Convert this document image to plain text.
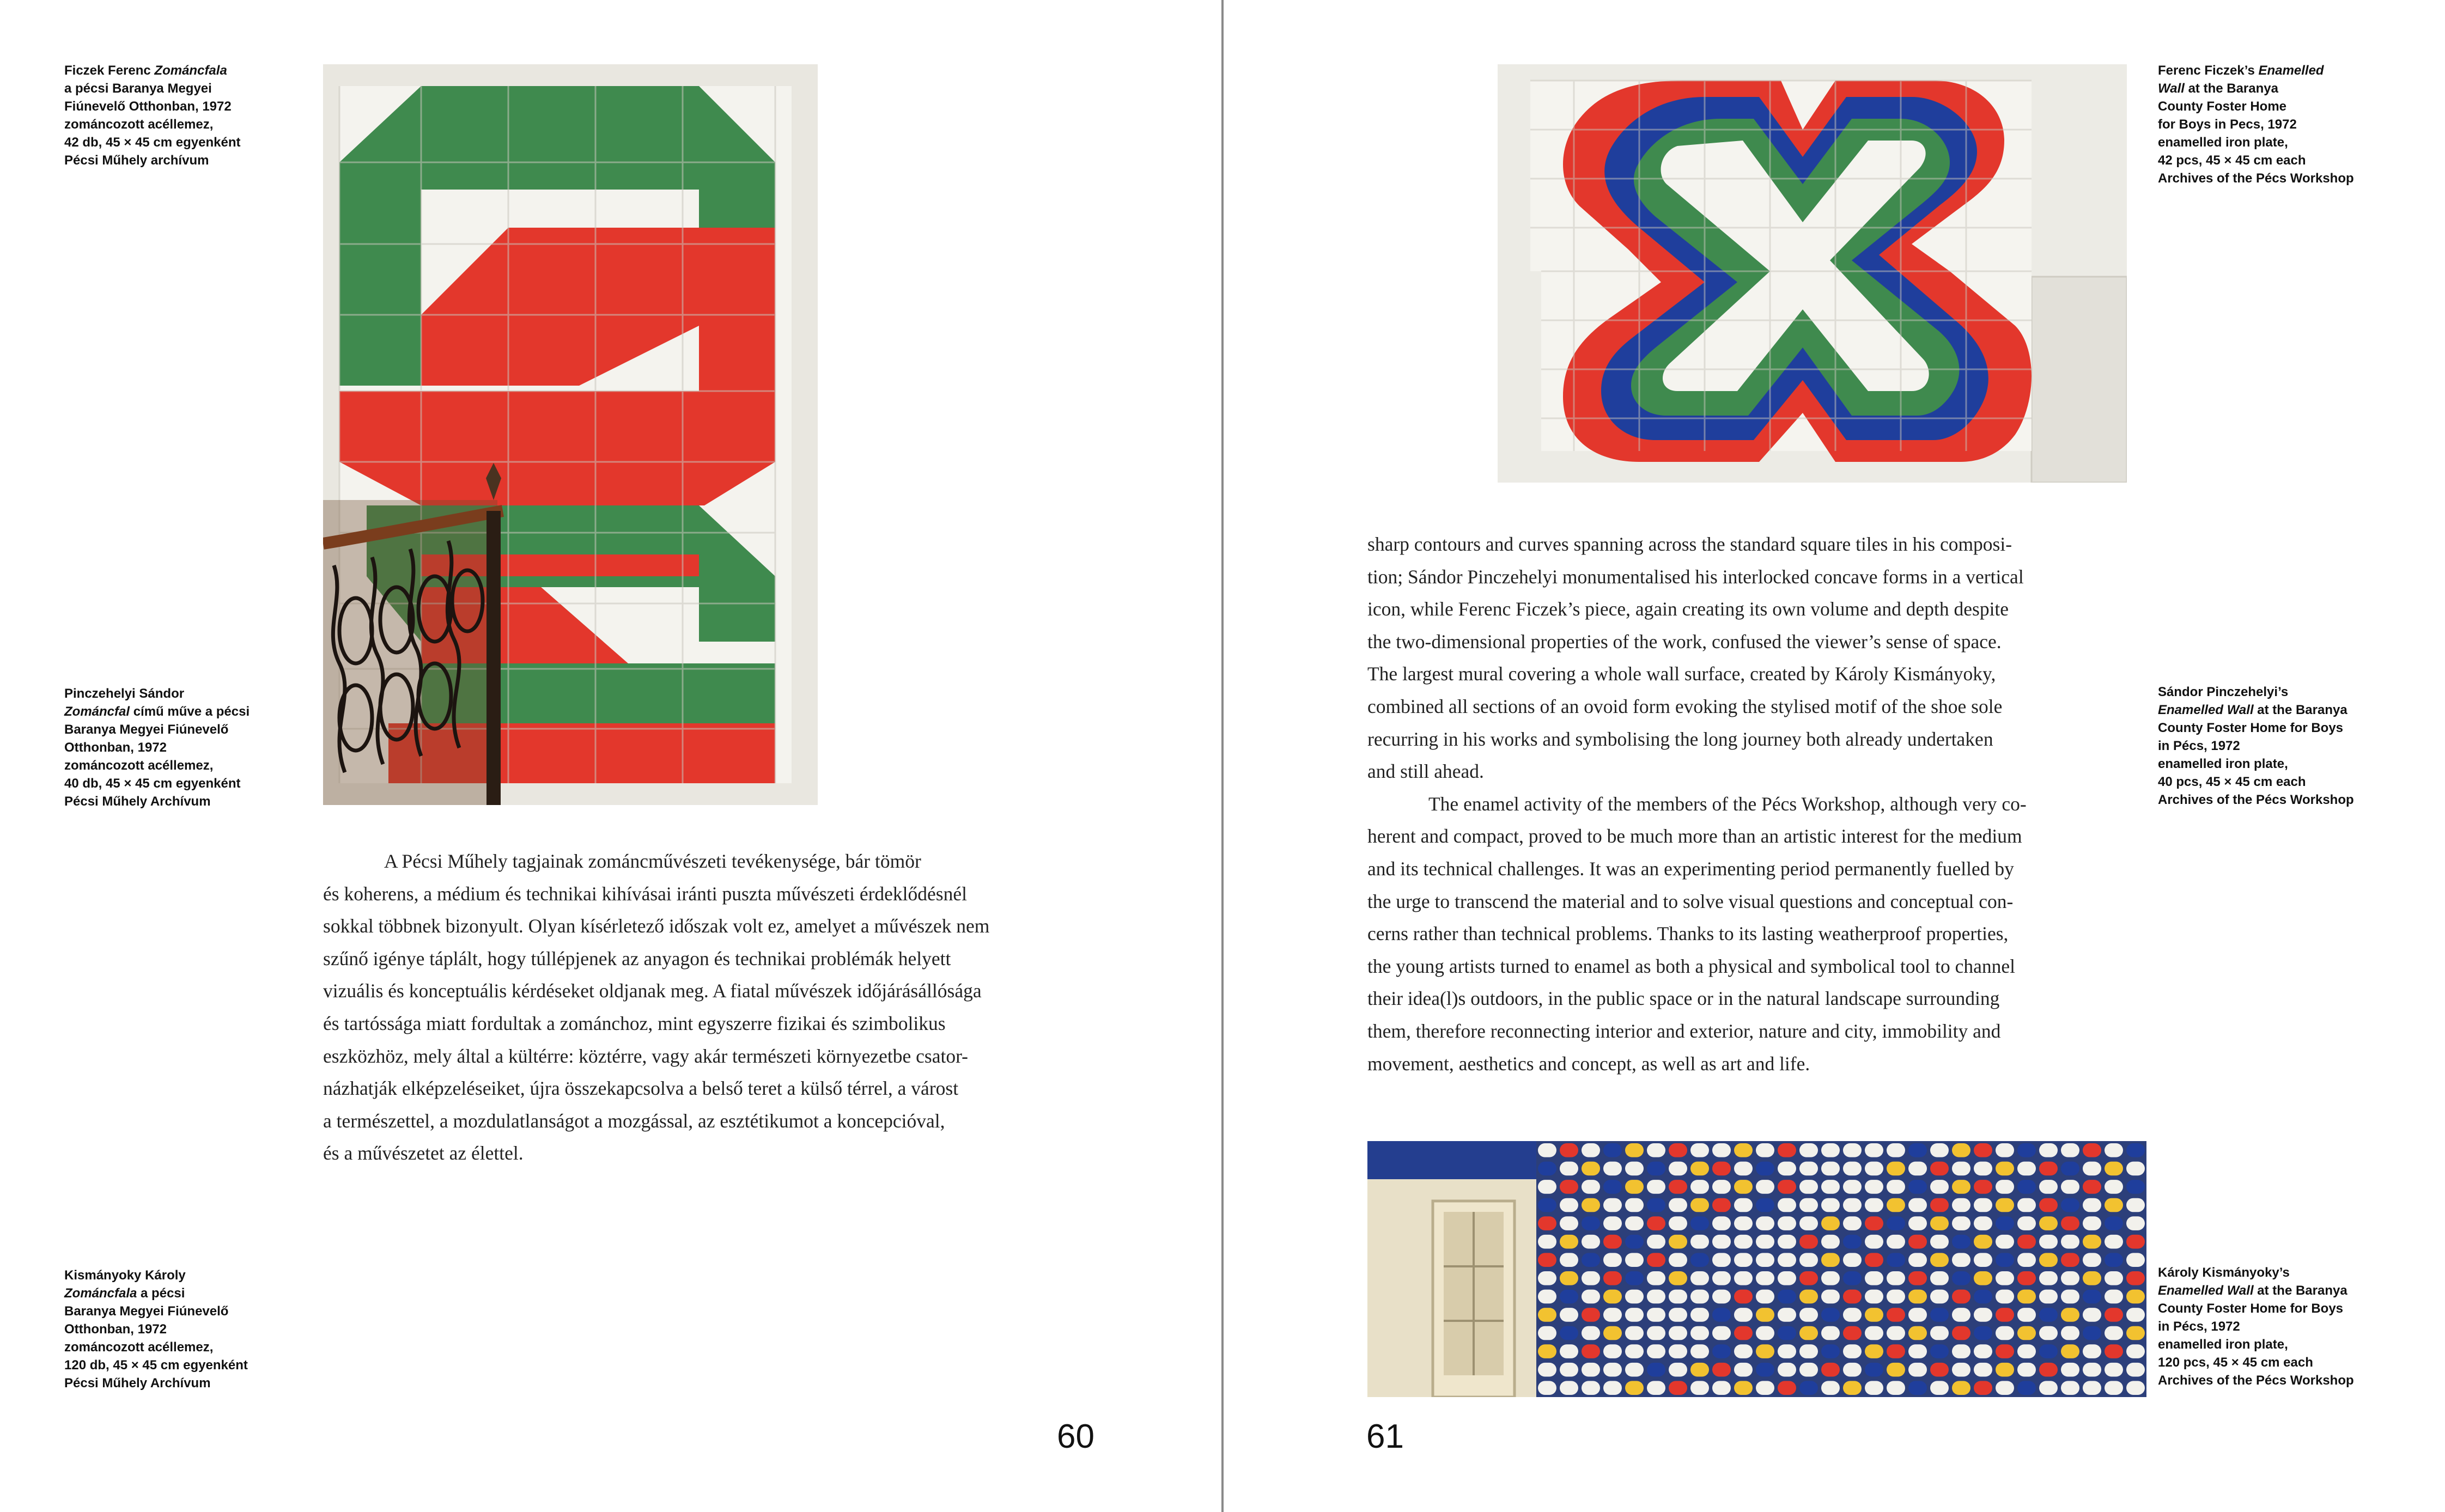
Ficzek Ferenc Zománcfala
a pécsi Baranya Megyei
Fiúnevelő Otthonban, 1972
zománcozott acéllemez,
42 db, 45 × 45 cm egyenként
Pécsi Műhely archívum
Pinczehelyi Sándor
Zománcfal című műve a pécsi
Baranya Megyei Fiúnevelő
Otthonban, 1972
zománcozott acéllemez,
40 db, 45 × 45 cm egyenként
Pécsi Műhely Archívum
Kismányoky Károly
Zománcfala a pécsi
Baranya Megyei Fiúnevelő
Otthonban, 1972
zománcozott acéllemez,
120 db, 45 × 45 cm egyenként
Pécsi Műhely Archívum
A Pécsi Műhely tagjainak zománcművészeti tevékenysége, bár tömör
és koherens, a médium és technikai kihívásai iránti puszta művészeti érdeklődésnél
sokkal többnek bizonyult. Olyan kísérletező időszak volt ez, amelyet a művészek nem
szűnő igénye táplált, hogy túllépjenek az anyagon és technikai problémák helyett
vizuális és konceptuális kérdéseket oldjanak meg. A fiatal művészek időjárásállósága
és tartóssága miatt fordultak a zománchoz, mint egyszerre fizikai és szimbolikus
eszközhöz, mely által a kültérre: köztérre, vagy akár természeti környezetbe csator-
názhatják elképzeléseiket, újra összekapcsolva a belső teret a külső térrel, a várost
a természettel, a mozdulatlanságot a mozgással, az esztétikumot a koncepcióval,
és a művészetet az élettel.
60
Ferenc Ficzek’s Enamelled
Wall at the Baranya
County Foster Home
for Boys in Pecs, 1972
enamelled iron plate,
42 pcs, 45 × 45 cm each
Archives of the Pécs Workshop
Sándor Pinczehelyi’s
Enamelled Wall at the Baranya
County Foster Home for Boys
in Pécs, 1972
enamelled iron plate,
40 pcs, 45 × 45 cm each
Archives of the Pécs Workshop
Károly Kismányoky’s
Enamelled Wall at the Baranya
County Foster Home for Boys
in Pécs, 1972
enamelled iron plate,
120 pcs, 45 × 45 cm each
Archives of the Pécs Workshop
sharp contours and curves spanning across the standard square tiles in his composi-
tion; Sándor Pinczehelyi monumentalised his interlocked concave forms in a vertical
icon, while Ferenc Ficzek’s piece, again creating its own volume and depth despite
the two-dimensional properties of the work, confused the viewer’s sense of space.
The largest mural covering a whole wall surface, created by Károly Kismányoky,
combined all sections of an ovoid form evoking the stylised motif of the shoe sole
recurring in his works and symbolising the long journey both already undertaken
and still ahead.
The enamel activity of the members of the Pécs Workshop, although very co-
herent and compact, proved to be much more than an artistic interest for the medium
and its technical challenges. It was an experimenting period permanently fuelled by
the urge to transcend the material and to solve visual questions and conceptual con-
cerns rather than technical problems. Thanks to its lasting weatherproof properties,
the young artists turned to enamel as both a physical and symbolical tool to channel
their idea(l)s outdoors, in the public space or in the natural landscape surrounding
them, therefore reconnecting interior and exterior, nature and city, immobility and
movement, aesthetics and concept, as well as art and life.
61
